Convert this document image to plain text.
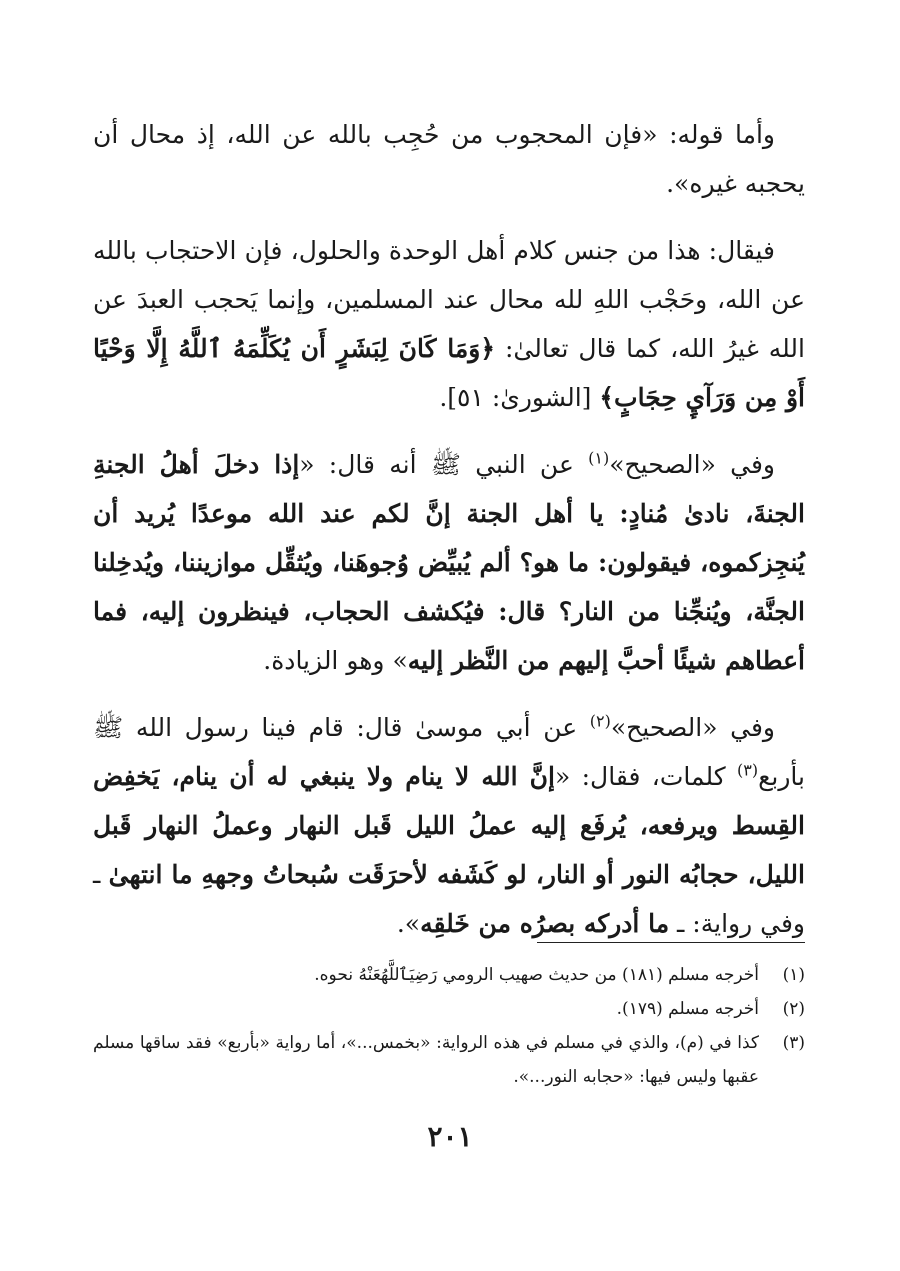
وأما قوله: «فإن المحجوب من حُجِب بالله عن الله، إذ محال أن يحجبه غيره».

فيقال: هذا من جنس كلام أهل الوحدة والحلول، فإن الاحتجاب بالله عن الله، وحَجْب اللهِ لله محال عند المسلمين، وإنما يَحجب العبدَ عن الله غيرُ الله، كما قال تعالىٰ: ﴿وَمَا كَانَ لِبَشَرٍ أَن يُكَلِّمَهُ ٱللَّهُ إِلَّا وَحْيًا أَوْ مِن وَرَآيِٕ حِجَابٍ﴾ [الشورىٰ: ٥١].

وفي «الصحيح»$^{(١)}$ عن النبي ﷺ أنه قال: «إذا دخلَ أهلُ الجنةِ الجنةَ، نادىٰ مُنادٍ: يا أهل الجنة إنَّ لكم عند الله موعدًا يُريد أن يُنجِزكموه، فيقولون: ما هو؟ ألم يُبيِّض وُجوهَنا، ويُثقِّل موازيننا، ويُدخِلنا الجنَّة، ويُنجِّنا من النار؟ قال: فيُكشف الحجاب، فينظرون إليه، فما أعطاهم شيئًا أحبَّ إليهم من النَّظر إليه» وهو الزيادة.

وفي «الصحيح»$^{(٢)}$ عن أبي موسىٰ قال: قام فينا رسول الله ﷺ بأربع$^{(٣)}$ كلمات، فقال: «إنَّ الله لا ينام ولا ينبغي له أن ينام، يَخفِض القِسط ويرفعه، يُرفَع إليه عملُ الليل قَبل النهار وعملُ النهار قَبل الليل، حجابُه النور أو النار، لو كَشَفه لأحرَقَت سُبحاتُ وجههِ ما انتهىٰ ـ وفي رواية: ـ ما أدركه بصرُه من خَلقِه».

(١)
أخرجه مسلم (١٨١) من حديث صهيب الرومي رَضِيَٱللَّهُعَنْهُ نحوه.

(٢)
أخرجه مسلم (١٧٩).

(٣)
كذا في (م)، والذي في مسلم في هذه الرواية: «بخمس...»، أما رواية «بأربع» فقد ساقها مسلم عقبها وليس فيها: «حجابه النور...».

٢٠١
